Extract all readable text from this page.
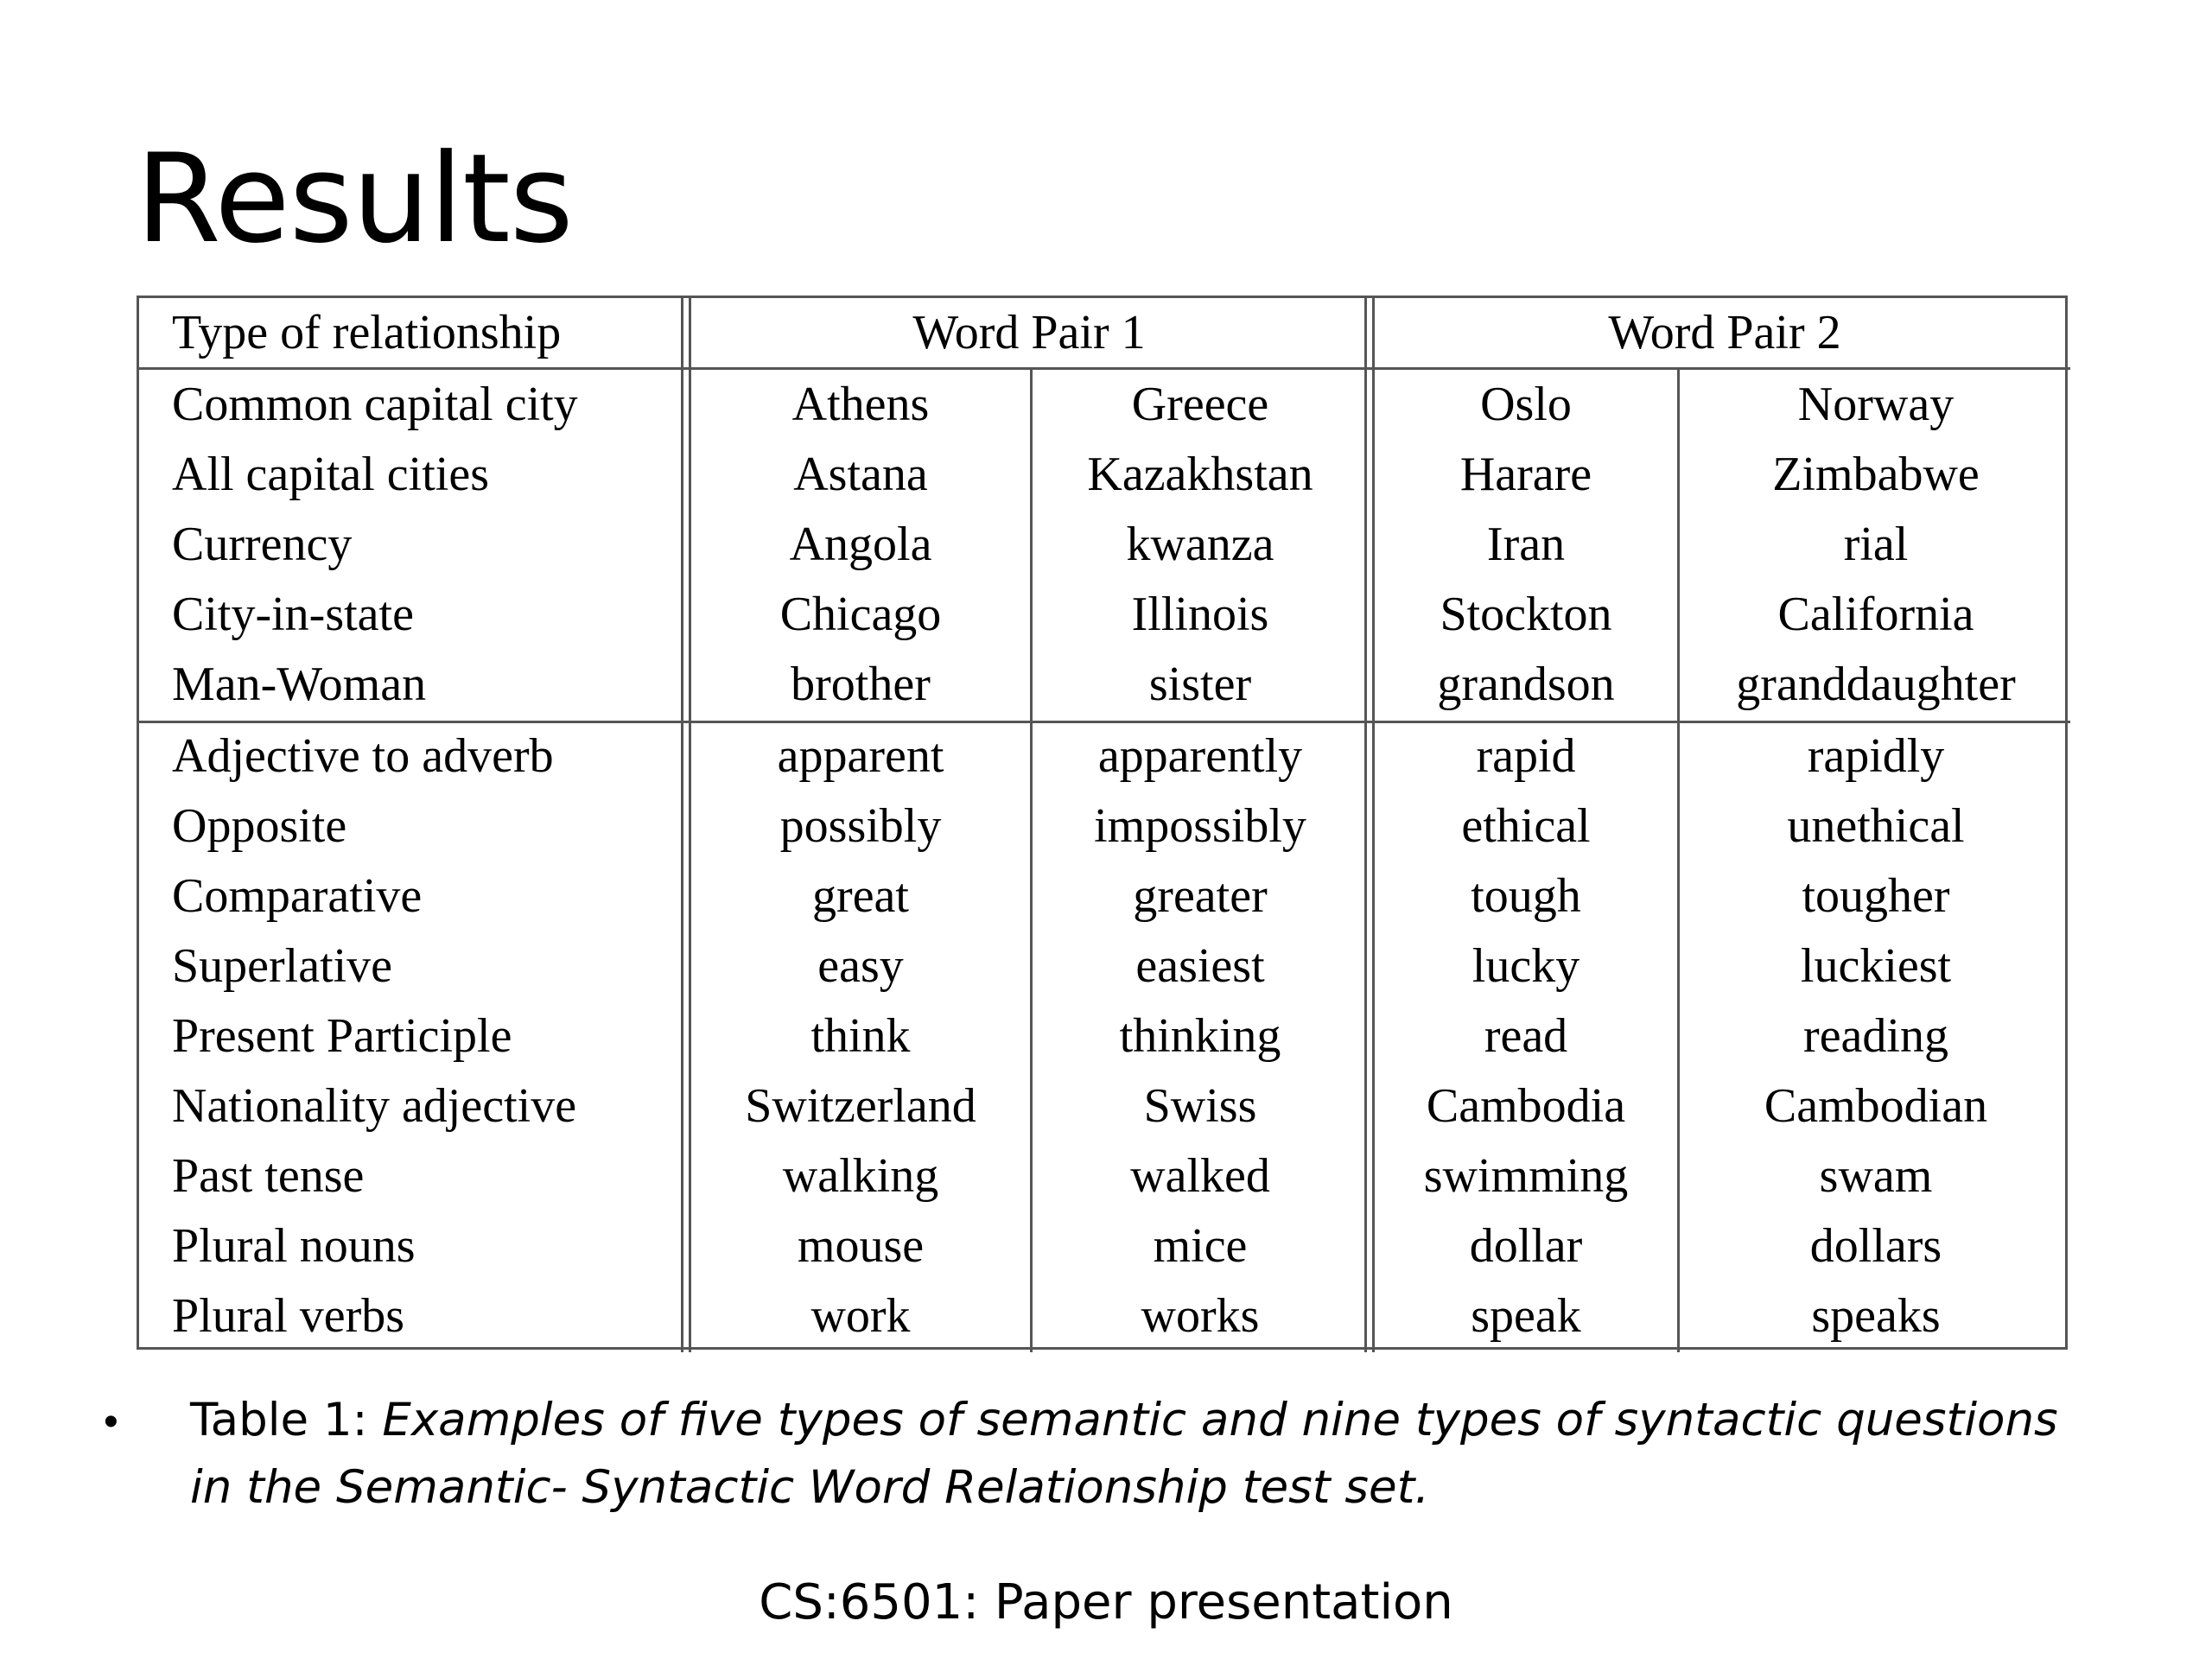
Results
Type of relationship	Word Pair 1	Word Pair 2
Common capital city	Athens	Greece	Oslo	Norway
All capital cities	Astana	Kazakhstan	Harare	Zimbabwe
Currency	Angola	kwanza	Iran	rial
City-in-state	Chicago	Illinois	Stockton	California
Man-Woman	brother	sister	grandson	granddaughter
Adjective to adverb	apparent	apparently	rapid	rapidly
Opposite	possibly	impossibly	ethical	unethical
Comparative	great	greater	tough	tougher
Superlative	easy	easiest	lucky	luckiest
Present Participle	think	thinking	read	reading
Nationality adjective	Switzerland	Swiss	Cambodia	Cambodian
Past tense	walking	walked	swimming	swam
Plural nouns	mouse	mice	dollar	dollars
Plural verbs	work	works	speak	speaks
• Table 1: Examples of five types of semantic and nine types of syntactic questions in the Semantic- Syntactic Word Relationship test set.
CS:6501: Paper presentation
